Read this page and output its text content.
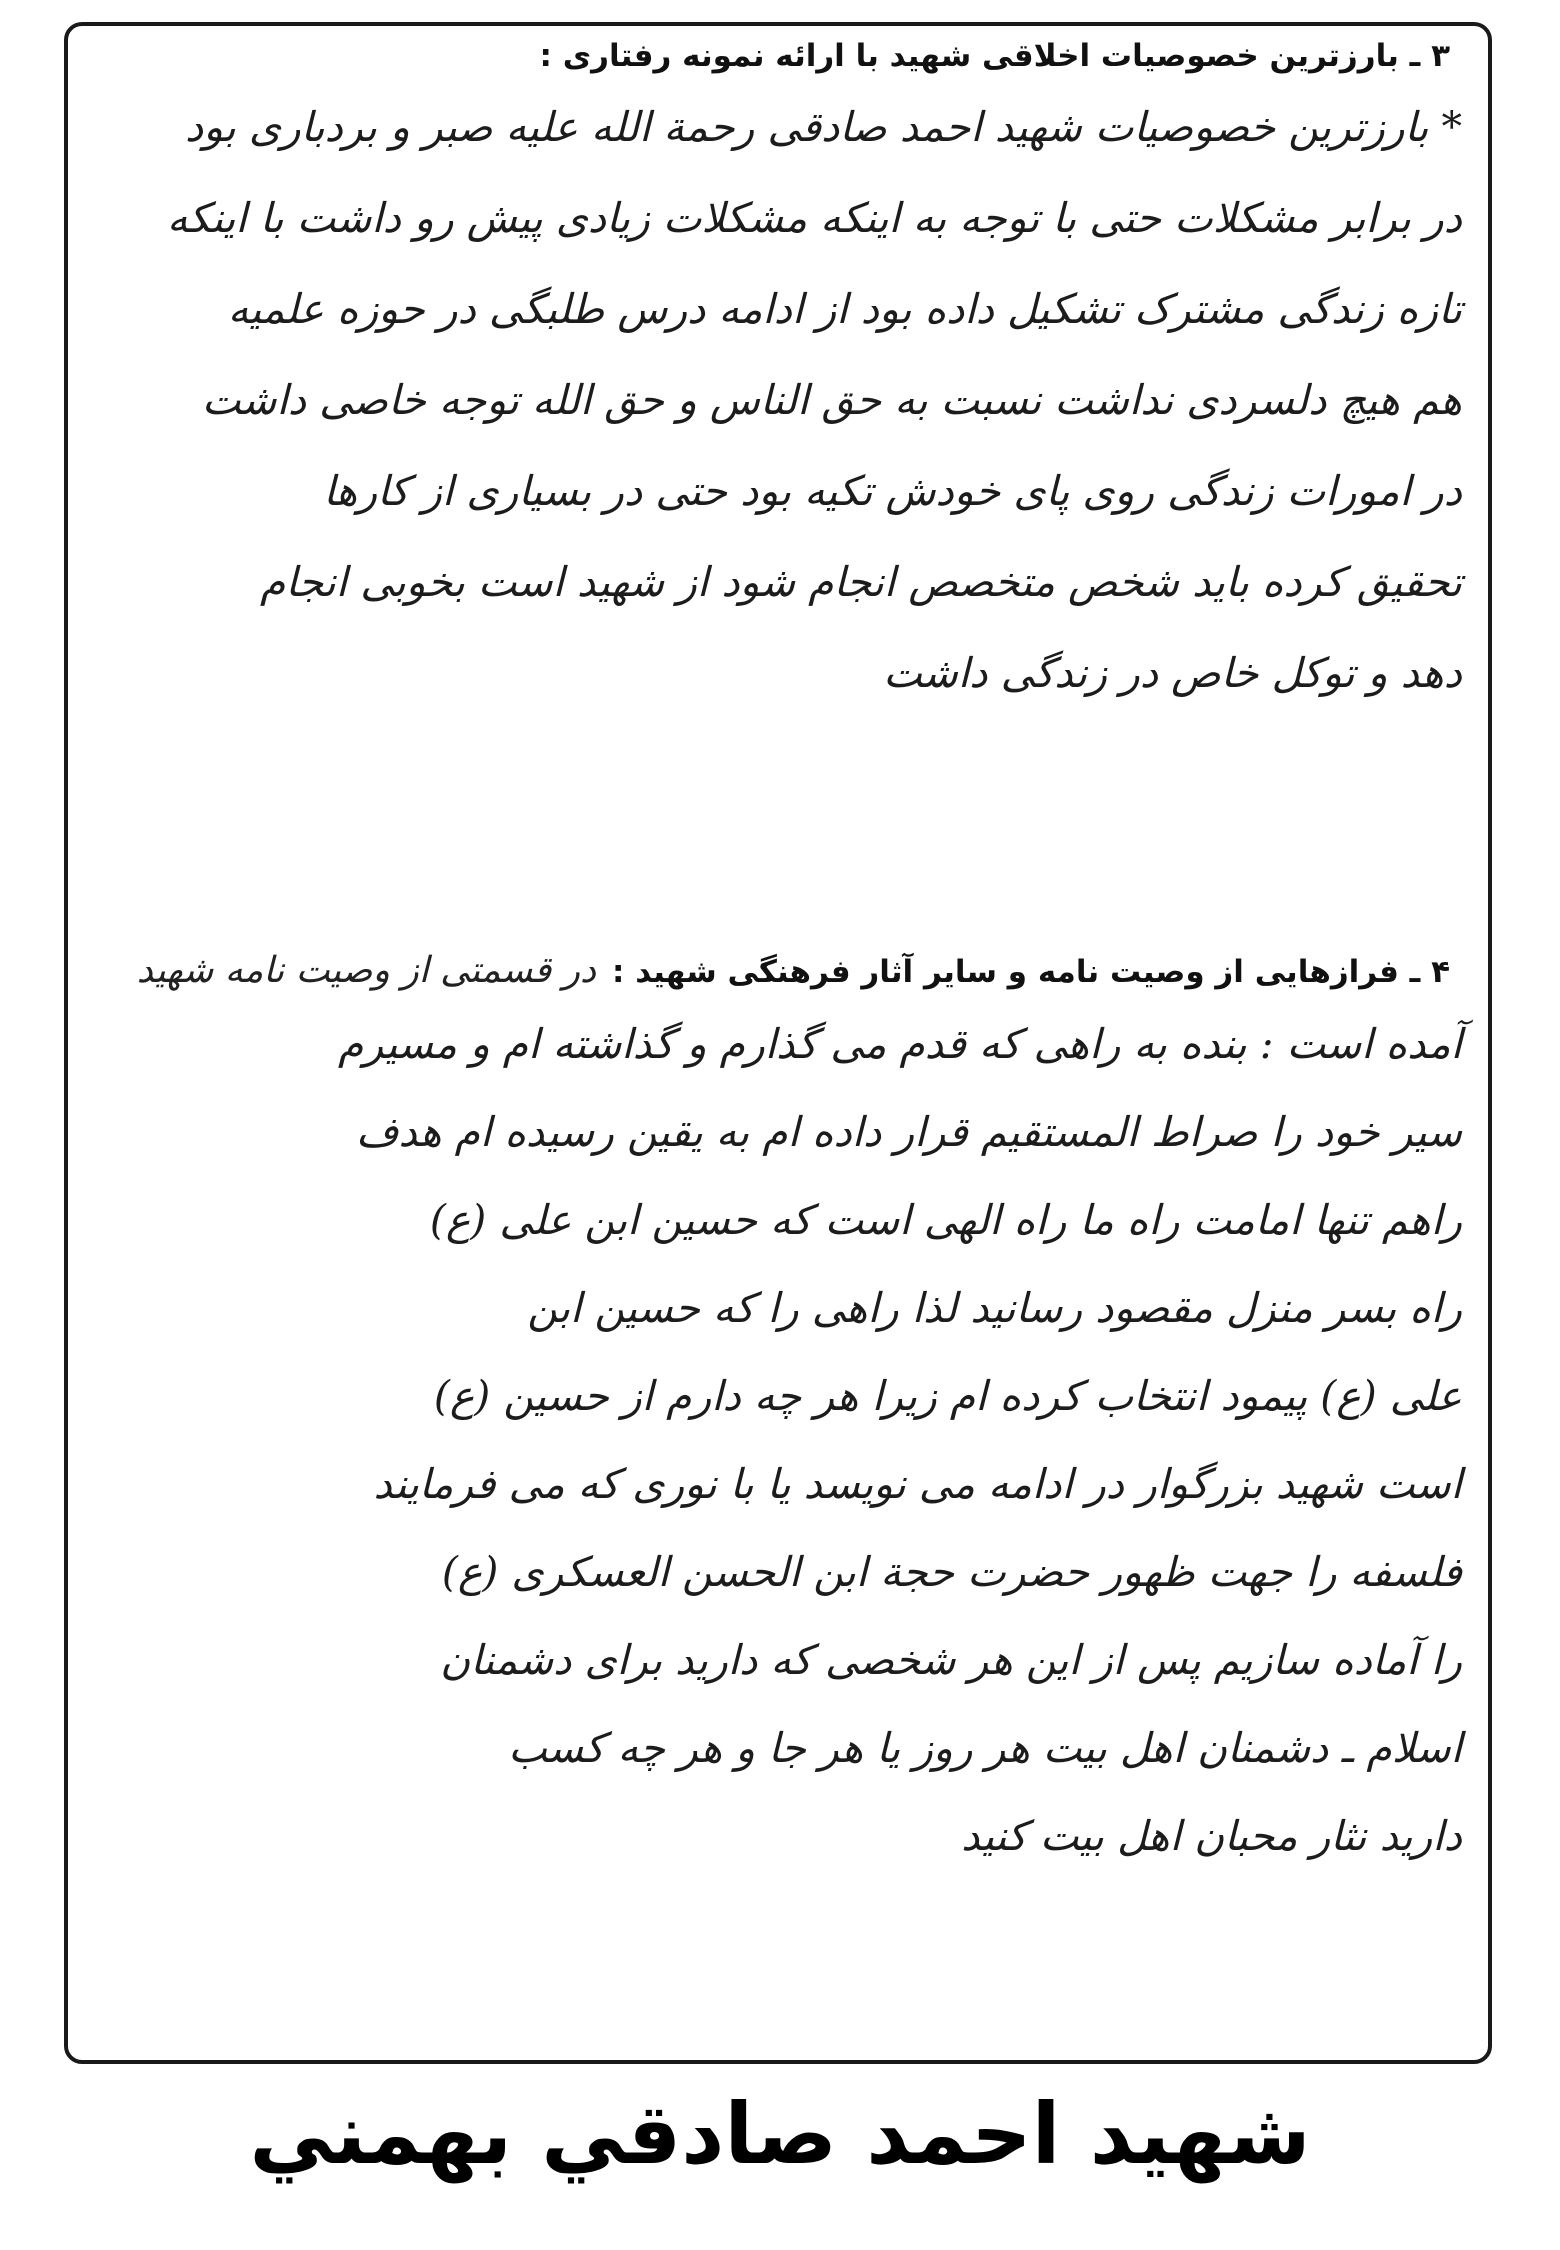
۳ ـ بارزترین خصوصیات اخلاقی شهید با ارائه نمونه رفتاری :

* بارزترین خصوصیات شهید احمد صادقی رحمة الله علیه صبر و بردباری بود

در برابر مشکلات حتی با توجه به اینکه مشکلات زیادی پیش رو داشت با اینکه

تازه زندگی مشترک تشکیل داده بود از ادامه درس طلبگی در حوزه علمیه

هم هیچ دلسردی نداشت نسبت به حق الناس و حق الله توجه خاصی داشت

در امورات زندگی روی پای خودش تکیه بود حتی در بسیاری از کارها

تحقیق کرده باید شخص متخصص انجام شود از شهید است بخوبی انجام

دهد و توکل خاص در زندگی داشت

۴ ـ فرازهایی از وصیت نامه و سایر آثار فرهنگی شهید :
در قسمتی از وصیت نامه شهید

آمده است : بنده به راهی که قدم می گذارم و گذاشته ام و مسیرم

سیر خود را صراط المستقیم قرار داده ام به یقین رسیده ام هدف

راهم تنها امامت راه ما راه الهی است که حسین ابن علی (ع)

راه بسر منزل مقصود رسانید لذا راهی را که حسین ابن

علی (ع) پیمود انتخاب کرده ام زیرا هر چه دارم از حسین (ع)

است شهید بزرگوار در ادامه می نویسد یا با نوری که می فرمایند

فلسفه را جهت ظهور حضرت حجة ابن الحسن العسکری (ع)

را آماده سازیم پس از این هر شخصی که دارید برای دشمنان

اسلام ـ دشمنان اهل بیت هر روز یا هر جا و هر چه کسب

دارید نثار محبان اهل بیت کنید

شهيد احمد صادقي بهمني
